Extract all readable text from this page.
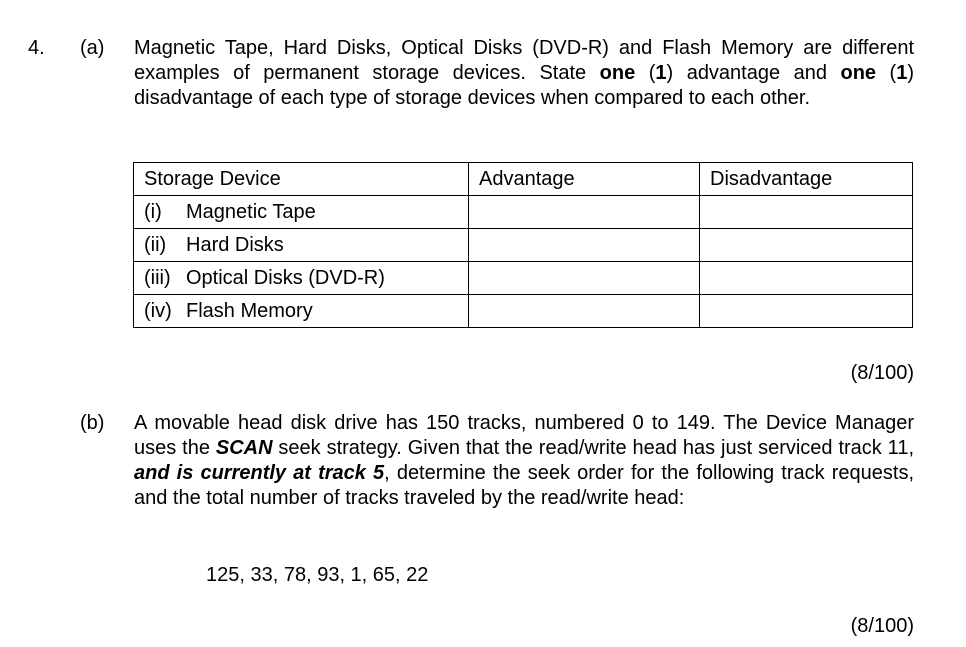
4. (a) Magnetic Tape, Hard Disks, Optical Disks (DVD-R) and Flash Memory are different examples of permanent storage devices. State one (1) advantage and one (1) disadvantage of each type of storage devices when compared to each other.
Storage Device	Advantage	Disadvantage
(i) Magnetic Tape		
(ii) Hard Disks		
(iii) Optical Disks (DVD-R)		
(iv) Flash Memory		
(8/100)
(b) A movable head disk drive has 150 tracks, numbered 0 to 149. The Device Manager uses the SCAN seek strategy. Given that the read/write head has just serviced track 11, and is currently at track 5, determine the seek order for the following track requests, and the total number of tracks traveled by the read/write head:
125, 33, 78, 93, 1, 65, 22
(8/100)
